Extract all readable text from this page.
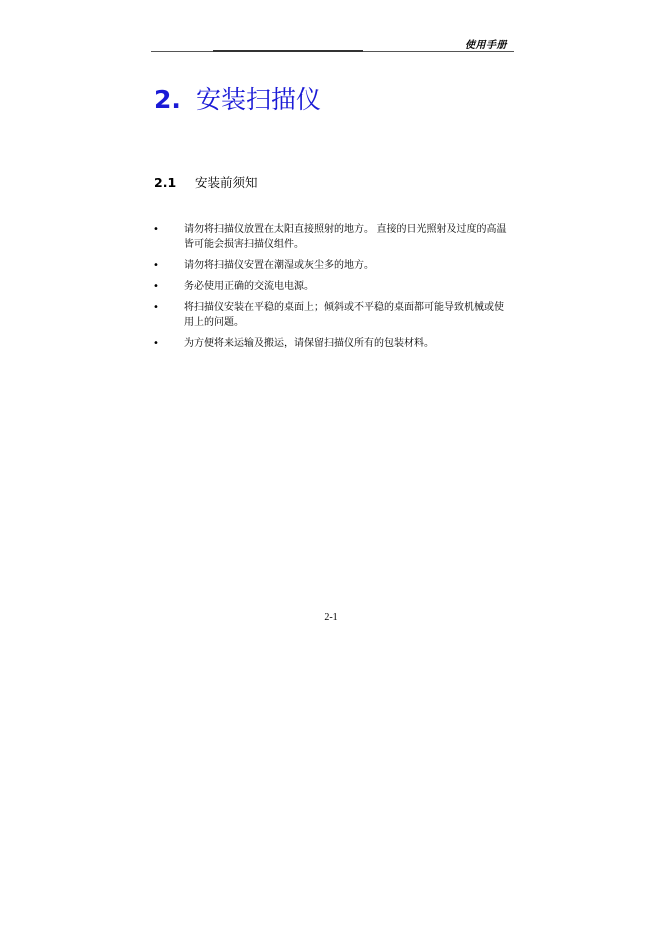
使用手册
2. 安装扫描仪
2.1 安装前须知
•	请勿将扫描仪放置在太阳直接照射的地方。 直接的日光照射及过度的高温皆可能会损害扫描仪组件。
•	请勿将扫描仪安置在潮湿或灰尘多的地方。
•	务必使用正确的交流电电源。
•	将扫描仪安装在平稳的桌面上；倾斜或不平稳的桌面都可能导致机械或使用上的问题。
•	为方便将来运输及搬运，请保留扫描仪所有的包装材料。
2-1
